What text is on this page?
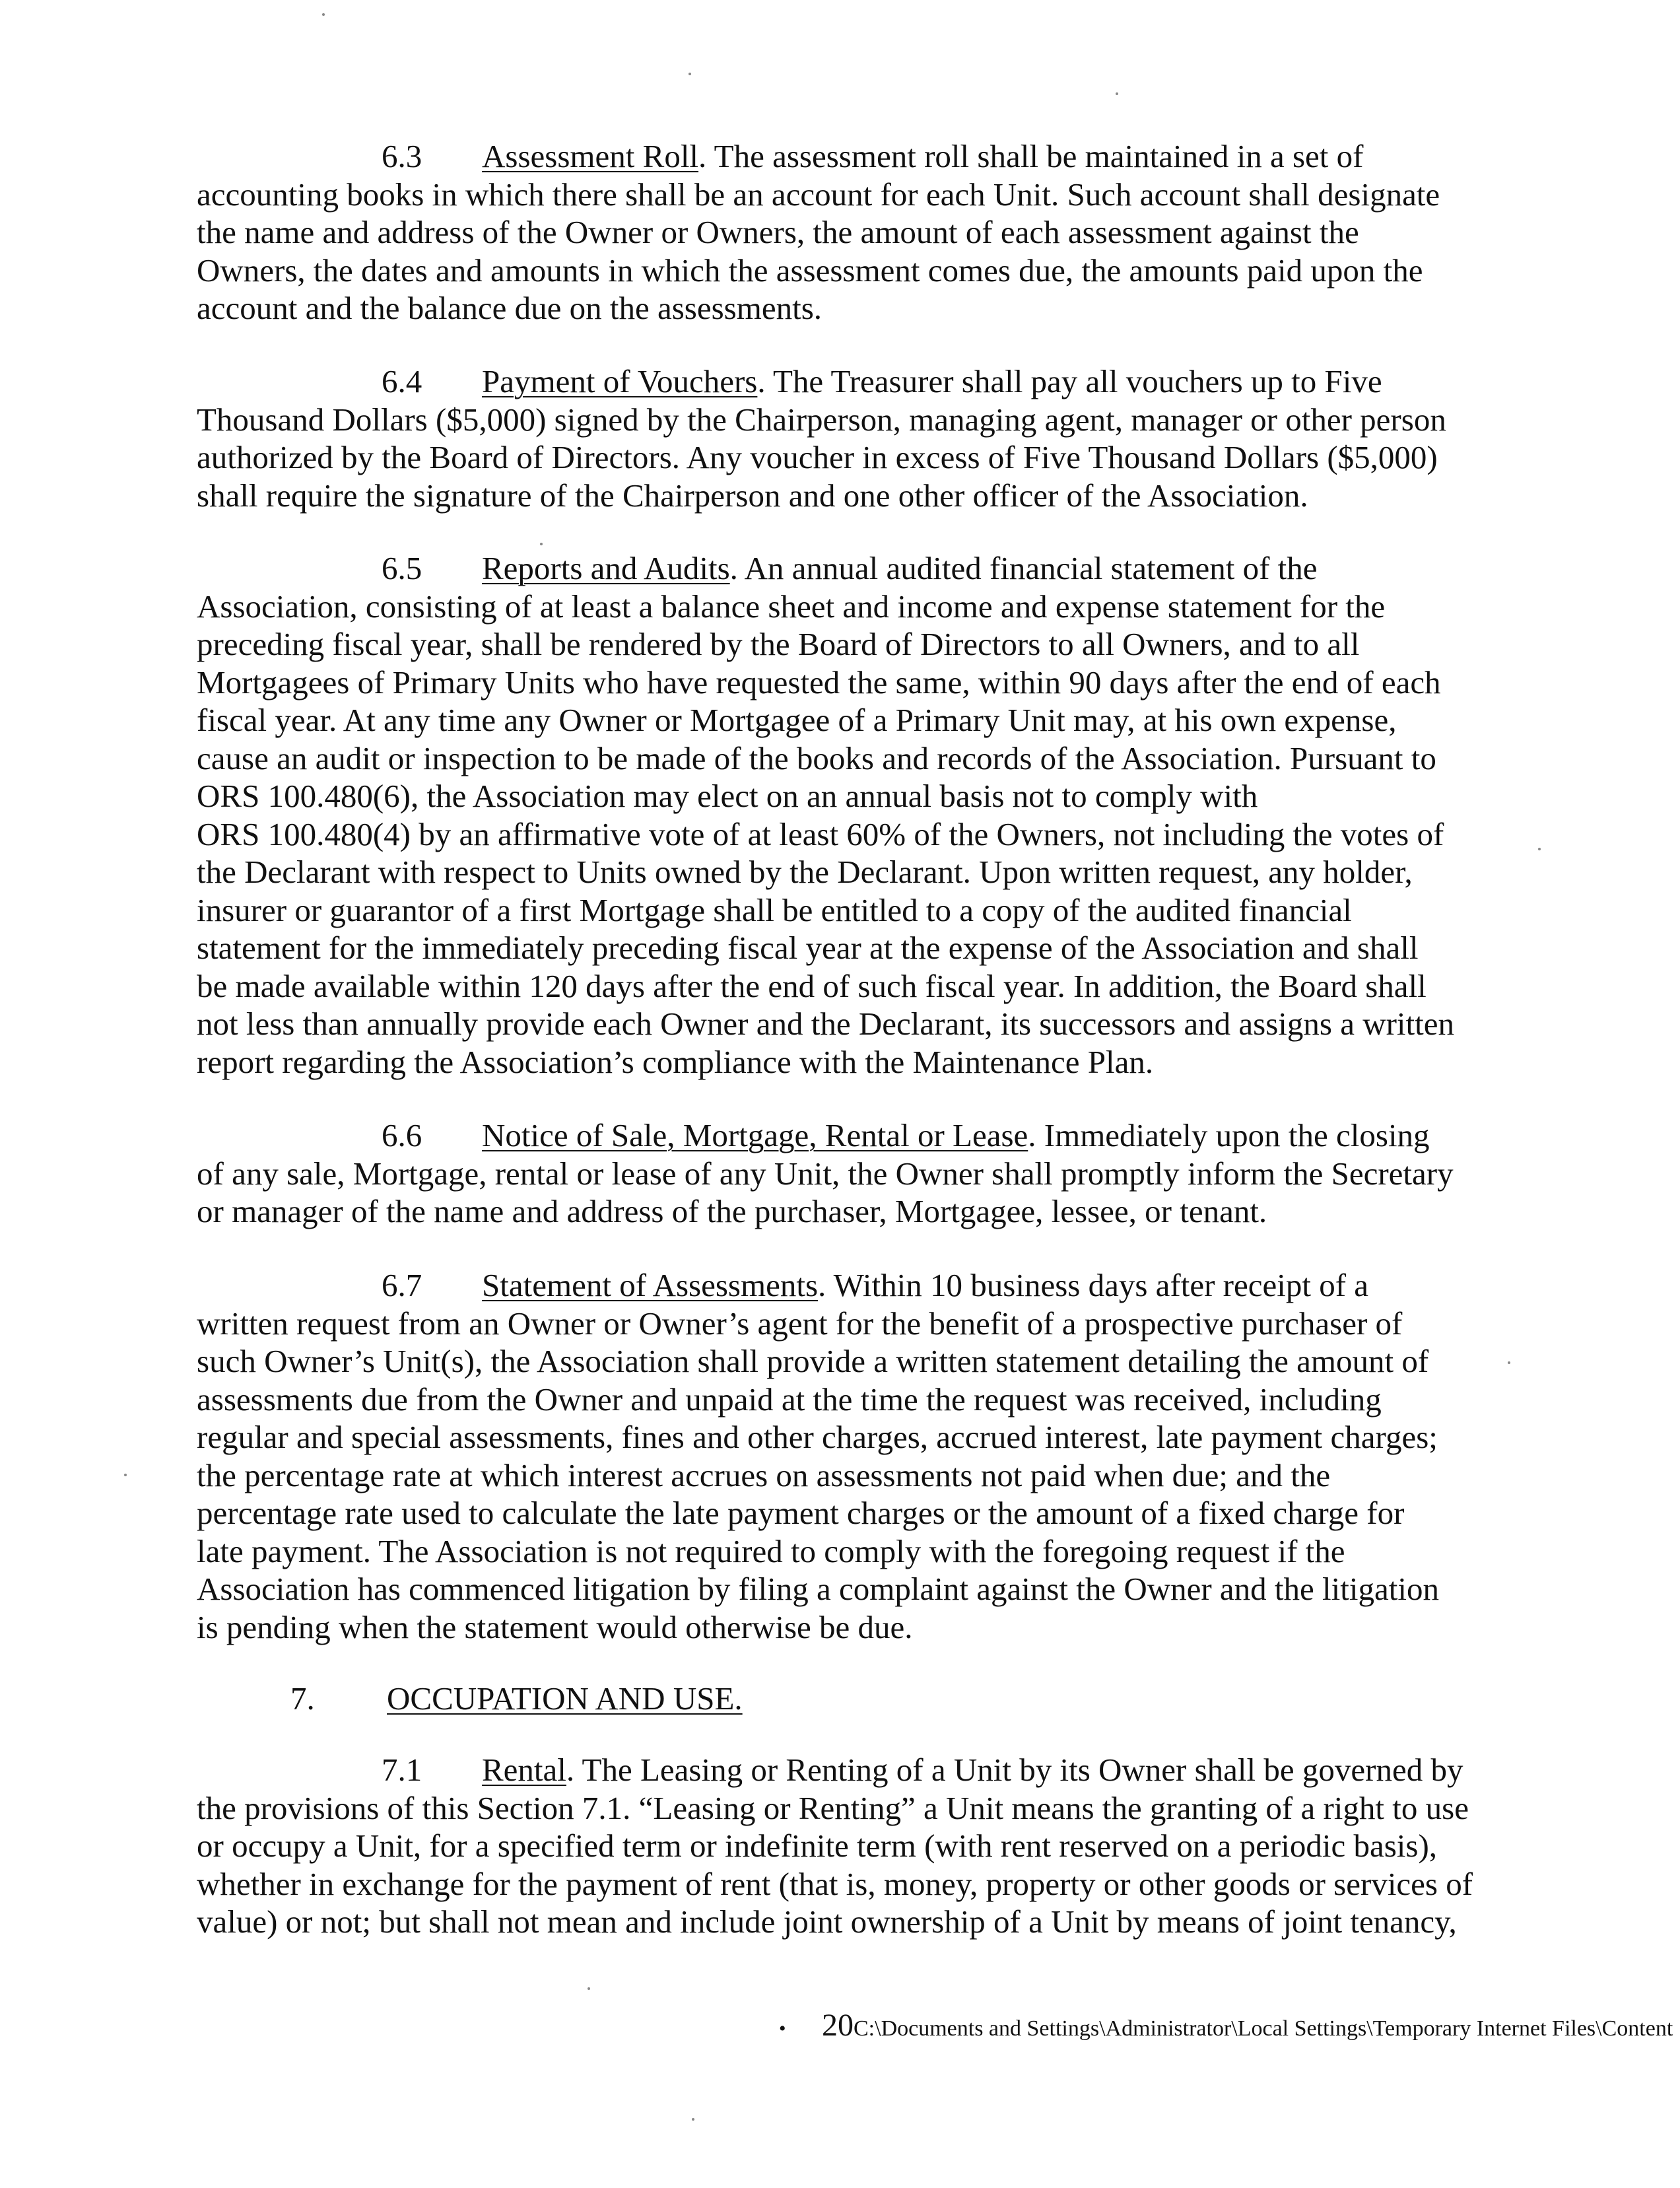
6.3 Assessment Roll. The assessment roll shall be maintained in a set of
accounting books in which there shall be an account for each Unit. Such account shall designate
the name and address of the Owner or Owners, the amount of each assessment against the
Owners, the dates and amounts in which the assessment comes due, the amounts paid upon the
account and the balance due on the assessments.
6.4 Payment of Vouchers. The Treasurer shall pay all vouchers up to Five
Thousand Dollars ($5,000) signed by the Chairperson, managing agent, manager or other person
authorized by the Board of Directors. Any voucher in excess of Five Thousand Dollars ($5,000)
shall require the signature of the Chairperson and one other officer of the Association.
6.5 Reports and Audits. An annual audited financial statement of the
Association, consisting of at least a balance sheet and income and expense statement for the
preceding fiscal year, shall be rendered by the Board of Directors to all Owners, and to all
Mortgagees of Primary Units who have requested the same, within 90 days after the end of each
fiscal year. At any time any Owner or Mortgagee of a Primary Unit may, at his own expense,
cause an audit or inspection to be made of the books and records of the Association. Pursuant to
ORS 100.480(6), the Association may elect on an annual basis not to comply with
ORS 100.480(4) by an affirmative vote of at least 60% of the Owners, not including the votes of
the Declarant with respect to Units owned by the Declarant. Upon written request, any holder,
insurer or guarantor of a first Mortgage shall be entitled to a copy of the audited financial
statement for the immediately preceding fiscal year at the expense of the Association and shall
be made available within 120 days after the end of such fiscal year. In addition, the Board shall
not less than annually provide each Owner and the Declarant, its successors and assigns a written
report regarding the Association’s compliance with the Maintenance Plan.
6.6 Notice of Sale, Mortgage, Rental or Lease. Immediately upon the closing
of any sale, Mortgage, rental or lease of any Unit, the Owner shall promptly inform the Secretary
or manager of the name and address of the purchaser, Mortgagee, lessee, or tenant.
6.7 Statement of Assessments. Within 10 business days after receipt of a
written request from an Owner or Owner’s agent for the benefit of a prospective purchaser of
such Owner’s Unit(s), the Association shall provide a written statement detailing the amount of
assessments due from the Owner and unpaid at the time the request was received, including
regular and special assessments, fines and other charges, accrued interest, late payment charges;
the percentage rate at which interest accrues on assessments not paid when due; and the
percentage rate used to calculate the late payment charges or the amount of a fixed charge for
late payment. The Association is not required to comply with the foregoing request if the
Association has commenced litigation by filing a complaint against the Owner and the litigation
is pending when the statement would otherwise be due.
7. OCCUPATION AND USE.
7.1 Rental. The Leasing or Renting of a Unit by its Owner shall be governed by
the provisions of this Section 7.1. “Leasing or Renting” a Unit means the granting of a right to use
or occupy a Unit, for a specified term or indefinite term (with rent reserved on a periodic basis),
whether in exchange for the payment of rent (that is, money, property or other goods or services of
value) or not; but shall not mean and include joint ownership of a Unit by means of joint tenancy,
• 20C:\Documents and Settings\Administrator\Local Settings\Temporary Internet Files\Content
